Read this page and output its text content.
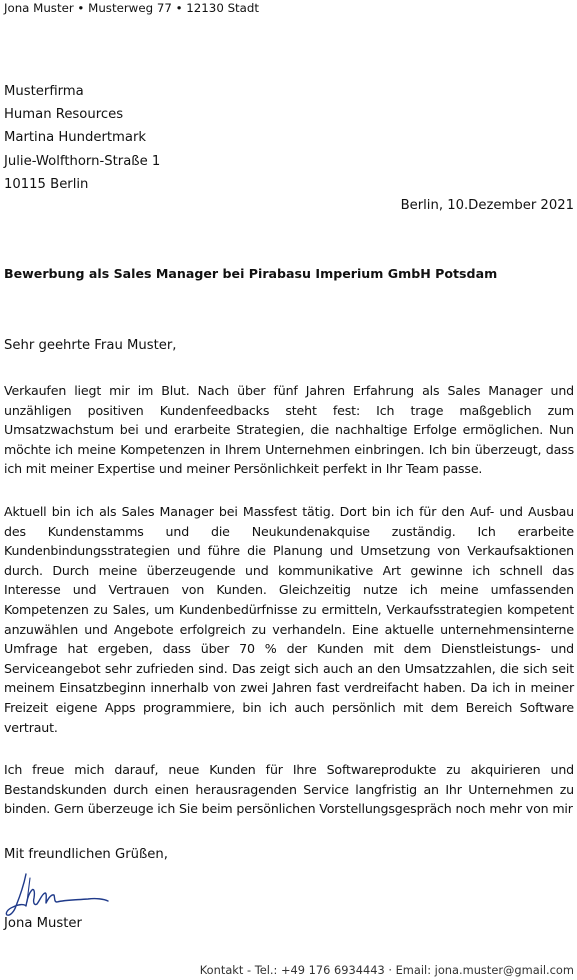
Jona Muster • Musterweg 77 • 12130 Stadt
Musterfirma
Human Resources
Martina Hundertmark
Julie-Wolfthorn-Straße 1
10115 Berlin
Berlin, 10.Dezember 2021
Bewerbung als Sales Manager bei Pirabasu Imperium GmbH Potsdam
Sehr geehrte Frau Muster,

Verkaufen liegt mir im Blut. Nach über fünf Jahren Erfahrung als Sales Manager und unzähligen positiven Kundenfeedbacks steht fest: Ich trage maßgeblich zum Umsatzwachstum bei und erarbeite Strategien, die nachhaltige Erfolge ermöglichen. Nun möchte ich meine Kompetenzen in Ihrem Unternehmen einbringen. Ich bin überzeugt, dass ich mit meiner Expertise und meiner Persönlichkeit perfekt in Ihr Team passe.

Aktuell bin ich als Sales Manager bei Massfest tätig. Dort bin ich für den Auf- und Ausbau des Kundenstamms und die Neukundenakquise zuständig. Ich erarbeite Kundenbindungsstrategien und führe die Planung und Umsetzung von Verkaufsaktionen durch. Durch meine überzeugende und kommunikative Art gewinne ich schnell das Interesse und Vertrauen von Kunden. Gleichzeitig nutze ich meine umfassenden Kompetenzen zu Sales, um Kundenbedürfnisse zu ermitteln, Verkaufsstrategien kompetent anzuwählen und Angebote erfolgreich zu verhandeln. Eine aktuelle unternehmensinterne Umfrage hat ergeben, dass über 70 % der Kunden mit dem Dienstleistungs- und Serviceangebot sehr zufrieden sind. Das zeigt sich auch an den Umsatzzahlen, die sich seit meinem Einsatzbeginn innerhalb von zwei Jahren fast verdreifacht haben. Da ich in meiner Freizeit eigene Apps programmiere, bin ich auch persönlich mit dem Bereich Software vertraut.

Ich freue mich darauf, neue Kunden für Ihre Softwareprodukte zu akquirieren und Bestandskunden durch einen herausragenden Service langfristig an Ihr Unternehmen zu binden. Gern überzeuge ich Sie beim persönlichen Vorstellungsgespräch noch mehr von mir

Mit freundlichen Grüßen,
Jona Muster
Kontakt - Tel.: +49 176 6934443 · Email: jona.muster@gmail.com
